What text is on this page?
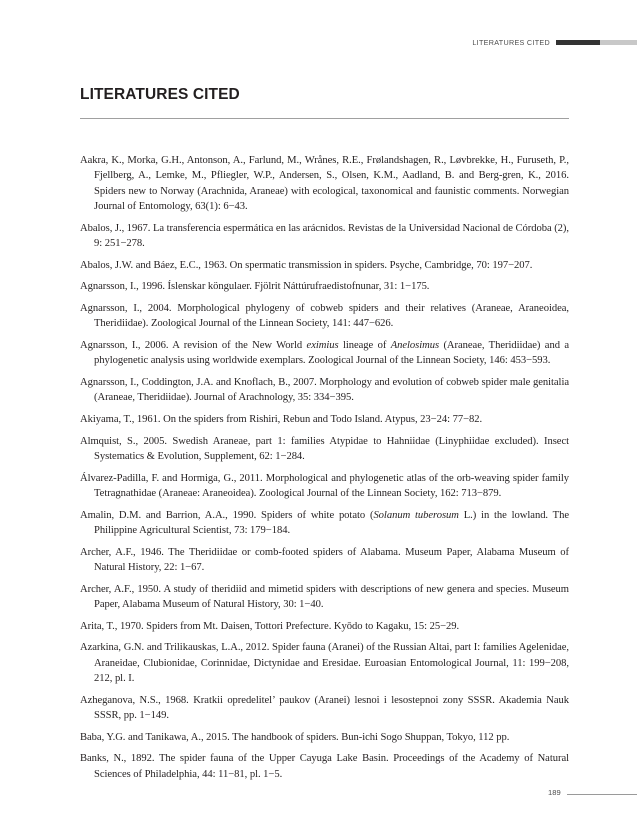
LITERATURES CITED
LITERATURES CITED
Aakra, K., Morka, G.H., Antonson, A., Farlund, M., Wrånes, R.E., Frølandshagen, R., Løvbrekke, H., Furuseth, P., Fjellberg, A., Lemke, M., Pfliegler, W.P., Andersen, S., Olsen, K.M., Aadland, B. and Berg-gren, K., 2016. Spiders new to Norway (Arachnida, Araneae) with ecological, taxonomical and faunistic comments. Norwegian Journal of Entomology, 63(1): 6−43.
Abalos, J., 1967. La transferencia espermática en las arácnidos. Revistas de la Universidad Nacional de Córdoba (2), 9: 251−278.
Abalos, J.W. and Báez, E.C., 1963. On spermatic transmission in spiders. Psyche, Cambridge, 70: 197−207.
Agnarsson, I., 1996. Íslenskar köngulaer. Fjölrit Náttúrufraedistofnunar, 31: 1−175.
Agnarsson, I., 2004. Morphological phylogeny of cobweb spiders and their relatives (Araneae, Araneoidea, Theridiidae). Zoological Journal of the Linnean Society, 141: 447−626.
Agnarsson, I., 2006. A revision of the New World eximius lineage of Anelosimus (Araneae, Theridiidae) and a phylogenetic analysis using worldwide exemplars. Zoological Journal of the Linnean Society, 146: 453−593.
Agnarsson, I., Coddington, J.A. and Knoflach, B., 2007. Morphology and evolution of cobweb spider male genitalia (Araneae, Theridiidae). Journal of Arachnology, 35: 334−395.
Akiyama, T., 1961. On the spiders from Rishiri, Rebun and Todo Island. Atypus, 23−24: 77−82.
Almquist, S., 2005. Swedish Araneae, part 1: families Atypidae to Hahniidae (Linyphiidae excluded). Insect Systematics & Evolution, Supplement, 62: 1−284.
Álvarez-Padilla, F. and Hormiga, G., 2011. Morphological and phylogenetic atlas of the orb-weaving spider family Tetragnathidae (Araneae: Araneoidea). Zoological Journal of the Linnean Society, 162: 713−879.
Amalin, D.M. and Barrion, A.A., 1990. Spiders of white potato (Solanum tuberosum L.) in the lowland. The Philippine Agricultural Scientist, 73: 179−184.
Archer, A.F., 1946. The Theridiidae or comb-footed spiders of Alabama. Museum Paper, Alabama Museum of Natural History, 22: 1−67.
Archer, A.F., 1950. A study of theridiid and mimetid spiders with descriptions of new genera and species. Museum Paper, Alabama Museum of Natural History, 30: 1−40.
Arita, T., 1970. Spiders from Mt. Daisen, Tottori Prefecture. Kyōdo to Kagaku, 15: 25−29.
Azarkina, G.N. and Trilikauskas, L.A., 2012. Spider fauna (Aranei) of the Russian Altai, part I: families Agelenidae, Araneidae, Clubionidae, Corinnidae, Dictynidae and Eresidae. Euroasian Entomological Journal, 11: 199−208, 212, pl. I.
Azheganova, N.S., 1968. Kratkii opredelitel’ paukov (Aranei) lesnoi i lesostepnoi zony SSSR. Akademia Nauk SSSR, pp. 1−149.
Baba, Y.G. and Tanikawa, A., 2015. The handbook of spiders. Bun-ichi Sogo Shuppan, Tokyo, 112 pp.
Banks, N., 1892. The spider fauna of the Upper Cayuga Lake Basin. Proceedings of the Academy of Natural Sciences of Philadelphia, 44: 11−81, pl. 1−5.
189
